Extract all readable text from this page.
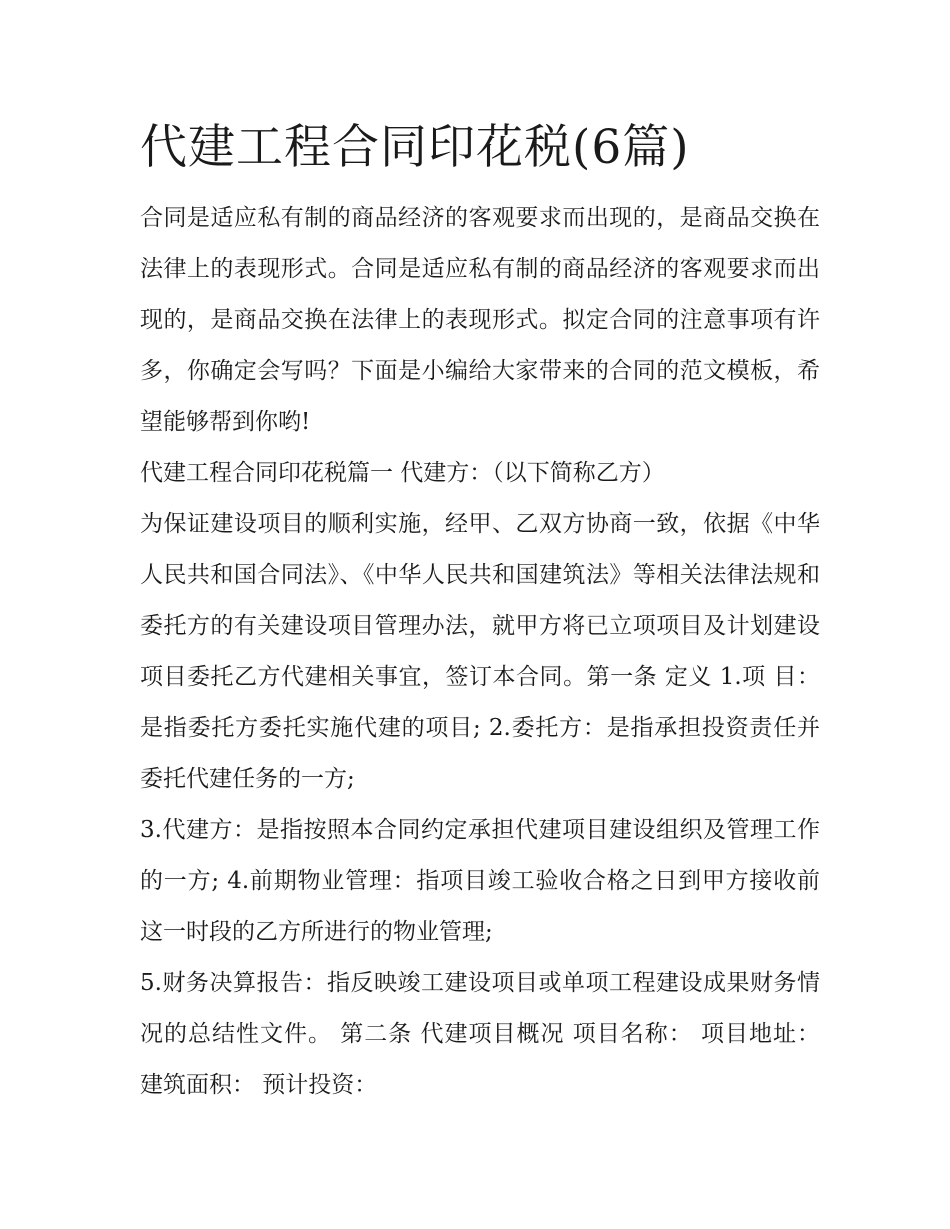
代建工程合同印花税(6篇)

合同是适应私有制的商品经济的客观要求而出现的，是商品交换在法律上的表现形式。合同是适应私有制的商品经济的客观要求而出现的，是商品交换在法律上的表现形式。拟定合同的注意事项有许多，你确定会写吗？下面是小编给大家带来的合同的范文模板，希望能够帮到你哟!

代建工程合同印花税篇一 代建方：（以下简称乙方）

为保证建设项目的顺利实施，经甲、乙双方协商一致，依据《中华人民共和国合同法》、《中华人民共和国建筑法》等相关法律法规和委托方的有关建设项目管理办法，就甲方将已立项项目及计划建设项目委托乙方代建相关事宜，签订本合同。第一条 定义 1.项 目：是指委托方委托实施代建的项目; 2.委托方：是指承担投资责任并委托代建任务的一方;

3.代建方：是指按照本合同约定承担代建项目建设组织及管理工作的一方; 4.前期物业管理：指项目竣工验收合格之日到甲方接收前这一时段的乙方所进行的物业管理;

5.财务决算报告：指反映竣工建设项目或单项工程建设成果财务情况的总结性文件。 第二条 代建项目概况 项目名称： 项目地址： 建筑面积： 预计投资：
